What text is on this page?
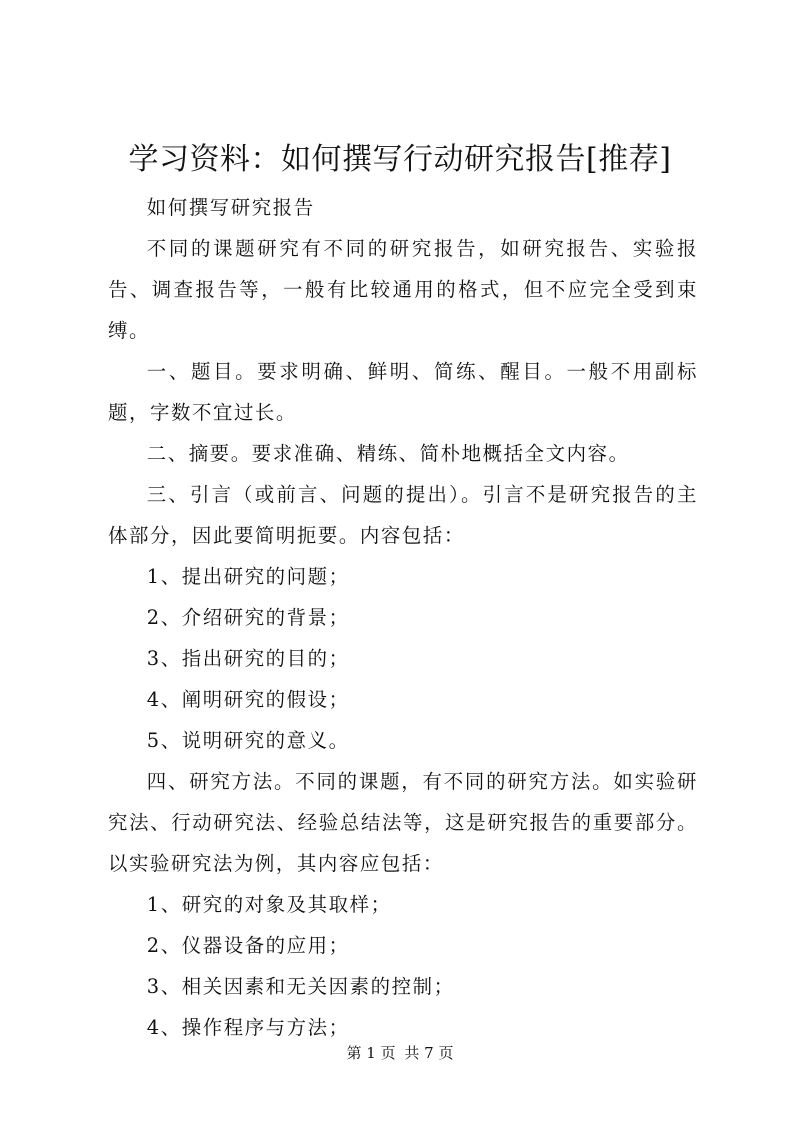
学习资料：如何撰写行动研究报告[推荐]

如何撰写研究报告

不同的课题研究有不同的研究报告，如研究报告、实验报告、调查报告等，一般有比较通用的格式，但不应完全受到束缚。

一、题目。要求明确、鲜明、简练、醒目。一般不用副标题，字数不宜过长。

二、摘要。要求准确、精练、简朴地概括全文内容。

三、引言（或前言、问题的提出）。引言不是研究报告的主体部分，因此要简明扼要。内容包括：

1、提出研究的问题；

2、介绍研究的背景；

3、指出研究的目的；

4、阐明研究的假设；

5、说明研究的意义。

四、研究方法。不同的课题，有不同的研究方法。如实验研究法、行动研究法、经验总结法等，这是研究报告的重要部分。以实验研究法为例，其内容应包括：

1、研究的对象及其取样；

2、仪器设备的应用；

3、相关因素和无关因素的控制；

4、操作程序与方法；

第 1 页 共 7 页
